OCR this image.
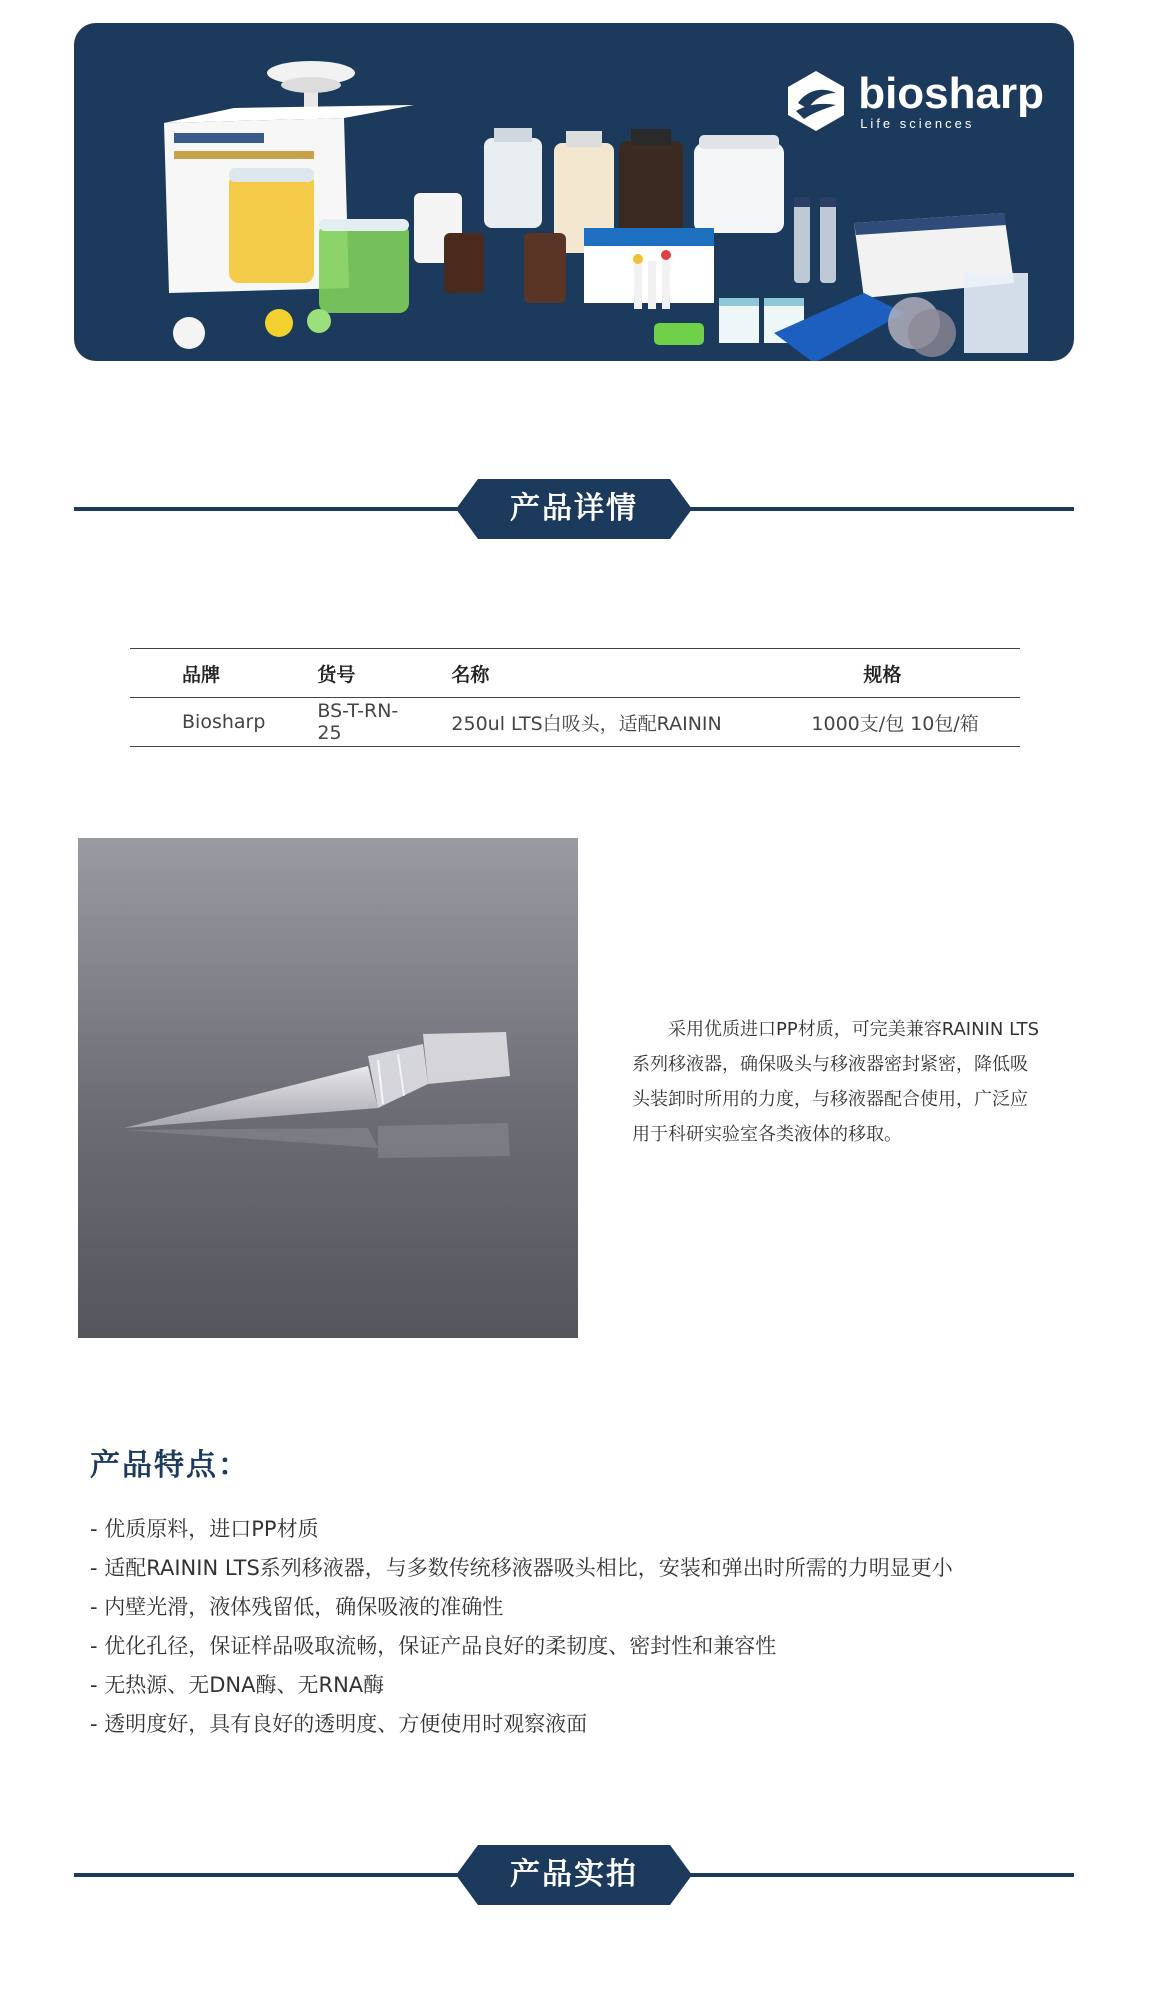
biosharp
Life sciences
产品详情
品牌	货号	名称	规格
Biosharp	BS-T-RN-25	250ul LTS白吸头，适配RAININ	1000支/包 10包/箱

采用优质进口PP材质，可完美兼容RAININ LTS系列移液器，确保吸头与移液器密封紧密，降低吸头装卸时所用的力度，与移液器配合使用，广泛应用于科研实验室各类液体的移取。

产品特点：
- 优质原料，进口PP材质
- 适配RAININ LTS系列移液器，与多数传统移液器吸头相比，安装和弹出时所需的力明显更小
- 内壁光滑，液体残留低，确保吸液的准确性
- 优化孔径，保证样品吸取流畅，保证产品良好的柔韧度、密封性和兼容性
- 无热源、无DNA酶、无RNA酶
- 透明度好，具有良好的透明度、方便使用时观察液面
产品实拍
